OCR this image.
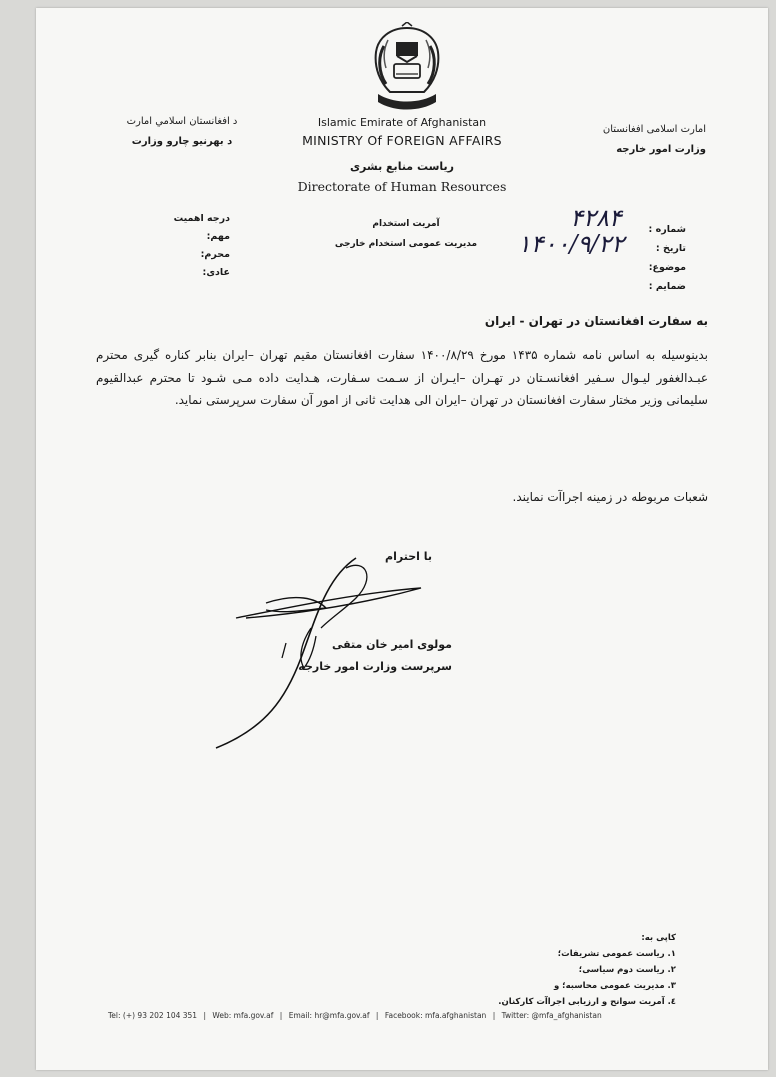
د افغانستان اسلامي امارت
د بهرنیو چارو وزارت
امارت اسلامی افغانستان
وزارت امور خارجه
Islamic Emirate of Afghanistan
MINISTRY Of FOREIGN AFFAIRS
ریاست منابع بشری
Directorate of Human Resources
درجه اهمیت
مهم:
محرم:
عادی:
آمریت استخدام
مدیریت عمومی استخدام خارجی
شماره :
تاریخ :
موضوع:
ضمایم :
۴۲۸۴
۱۴۰۰/۹/۲۲
به سفارت افغانستان در تهران - ایران
بدینوسیله به اساس نامه شماره ۱۴۳۵ مورخ ۱۴۰۰/۸/۲۹ سفارت افغانستان مقیم تهران –ایران بنابر کناره گیری محترم عبـدالغفور لیـوال سـفیر افغانسـتان در تهـران –ایـران از سـمت سـفارت، هـدایت داده مـی شـود تا محترم عبدالقیوم سلیمانی وزیر مختار سفارت افغانستان در تهران –ایران الی هدایت ثانی از امور آن سفارت سرپرستی نماید.
شعبات مربوطه در زمینه اجراآت نمایند.
با احترام
مولوی امیر خان متقی
سرپرست وزارت امور خارجه
کاپی به:
۱. ریاست عمومی تشریفات؛
۲. ریاست دوم سیاسی؛
۳. مدیریت عمومی محاسبه؛ و
٤. آمریت سوانح و ارزیابی اجراآت کارکنان.
Tel: (+) 93 202 104 351 | Web: mfa.gov.af | Email: hr@mfa.gov.af | Facebook: mfa.afghanistan | Twitter: @mfa_afghanistan
